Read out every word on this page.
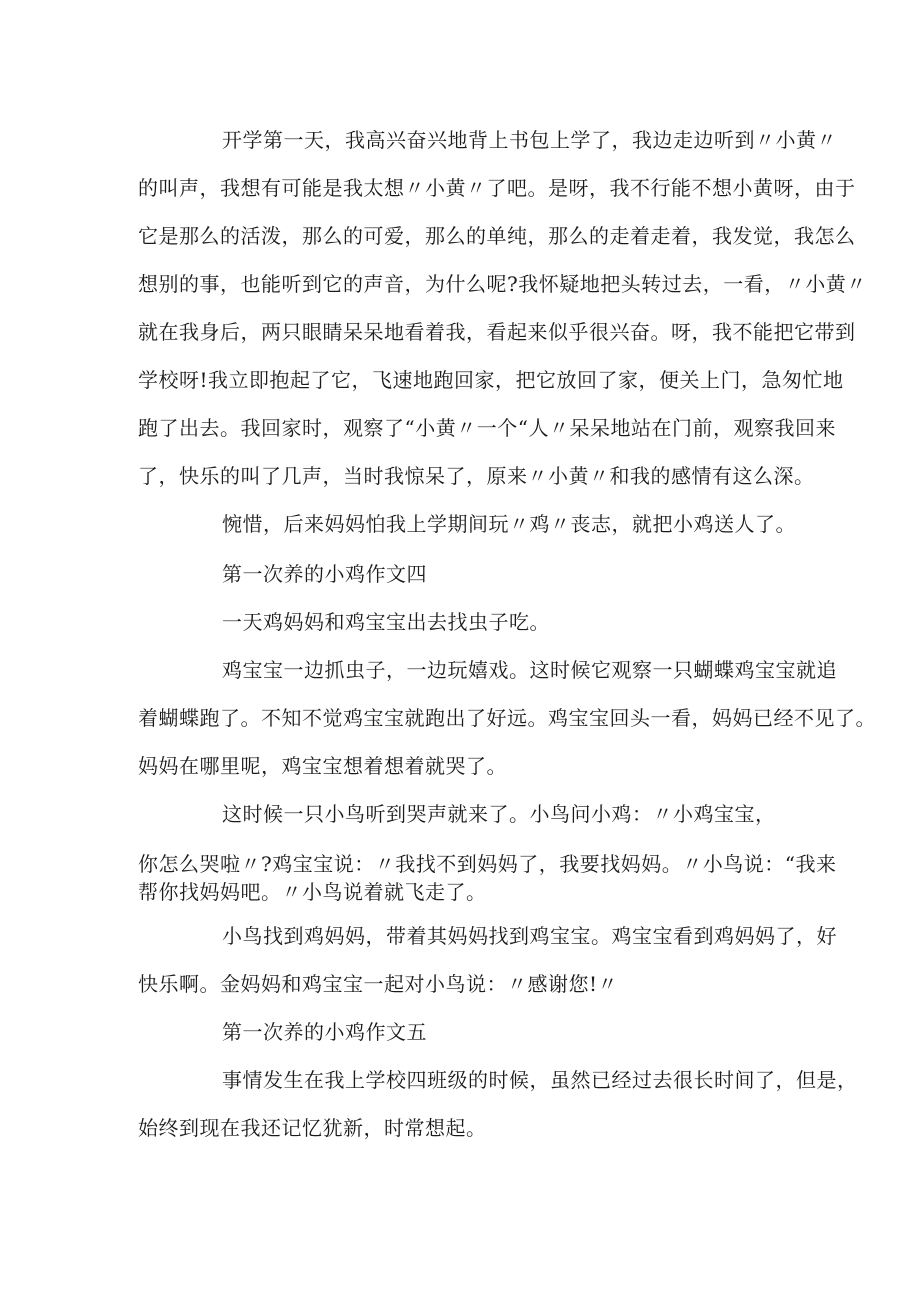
开学第一天，我高兴奋兴地背上书包上学了，我边走边听到〃小黄〃
的叫声，我想有可能是我太想〃小黄〃了吧。是呀，我不行能不想小黄呀，由于
它是那么的活泼，那么的可爱，那么的单纯，那么的走着走着，我发觉，我怎么
想别的事，也能听到它的声音，为什么呢?我怀疑地把头转过去，一看，〃小黄〃
就在我身后，两只眼睛呆呆地看着我，看起来似乎很兴奋。呀，我不能把它带到
学校呀!我立即抱起了它，飞速地跑回家，把它放回了家，便关上门，急匆忙地
跑了出去。我回家时，观察了“小黄〃一个“人〃呆呆地站在门前，观察我回来
了，快乐的叫了几声，当时我惊呆了，原来〃小黄〃和我的感情有这么深。
惋惜，后来妈妈怕我上学期间玩〃鸡〃丧志，就把小鸡送人了。
第一次养的小鸡作文四
一天鸡妈妈和鸡宝宝出去找虫子吃。
鸡宝宝一边抓虫子，一边玩嬉戏。这时候它观察一只蝴蝶鸡宝宝就追
着蝴蝶跑了。不知不觉鸡宝宝就跑出了好远。鸡宝宝回头一看，妈妈已经不见了。
妈妈在哪里呢，鸡宝宝想着想着就哭了。
这时候一只小鸟听到哭声就来了。小鸟问小鸡：〃小鸡宝宝，
你怎么哭啦〃?鸡宝宝说：〃我找不到妈妈了，我要找妈妈。〃小鸟说：“我来
帮你找妈妈吧。〃小鸟说着就飞走了。
小鸟找到鸡妈妈，带着其妈妈找到鸡宝宝。鸡宝宝看到鸡妈妈了，好
快乐啊。金妈妈和鸡宝宝一起对小鸟说：〃感谢您!〃
第一次养的小鸡作文五
事情发生在我上学校四班级的时候，虽然已经过去很长时间了，但是，
始终到现在我还记忆犹新，时常想起。
